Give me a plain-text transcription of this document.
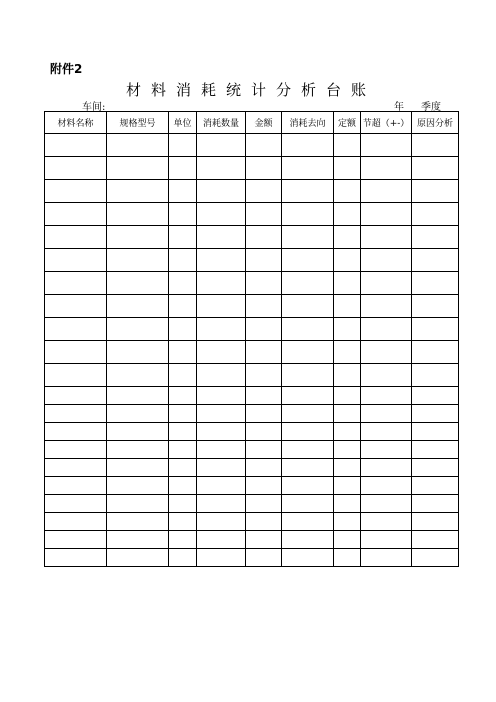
附件2
材料消耗统计分析台账
车间:	年 季度
材料名称	规格型号	单位	消耗数量	金额	消耗去向	定额	节超（+-）	原因分析
